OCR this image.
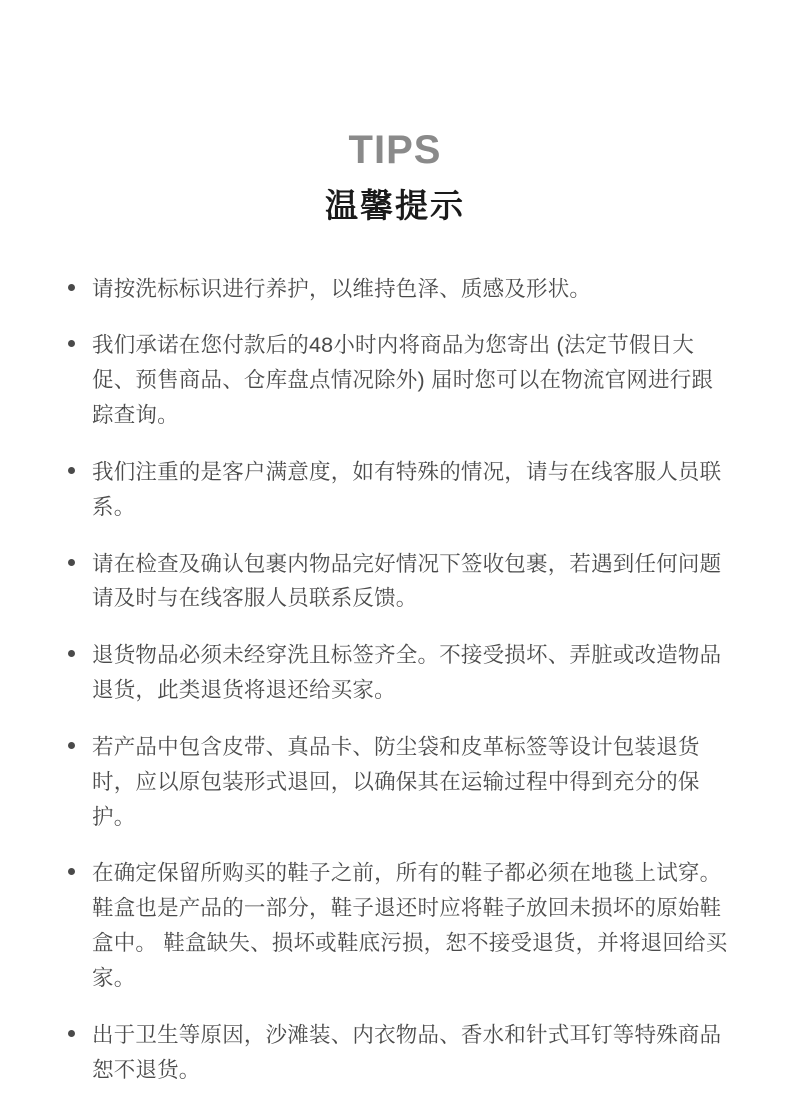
TIPS
温馨提示
请按洗标标识进行养护，以维持色泽、质感及形状。
我们承诺在您付款后的48小时内将商品为您寄出 (法定节假日大促、预售商品、仓库盘点情况除外) 届时您可以在物流官网进行跟踪查询。
我们注重的是客户满意度，如有特殊的情况，请与在线客服人员联系。
请在检查及确认包裹内物品完好情况下签收包裹，若遇到任何问题请及时与在线客服人员联系反馈。
退货物品必须未经穿洗且标签齐全。不接受损坏、弄脏或改造物品退货，此类退货将退还给买家。
若产品中包含皮带、真品卡、防尘袋和皮革标签等设计包装退货时，应以原包装形式退回，以确保其在运输过程中得到充分的保护。
在确定保留所购买的鞋子之前，所有的鞋子都必须在地毯上试穿。鞋盒也是产品的一部分，鞋子退还时应将鞋子放回未损坏的原始鞋盒中。 鞋盒缺失、损坏或鞋底污损，恕不接受退货，并将退回给买家。
出于卫生等原因，沙滩装、内衣物品、香水和针式耳钉等特殊商品恕不退货。
